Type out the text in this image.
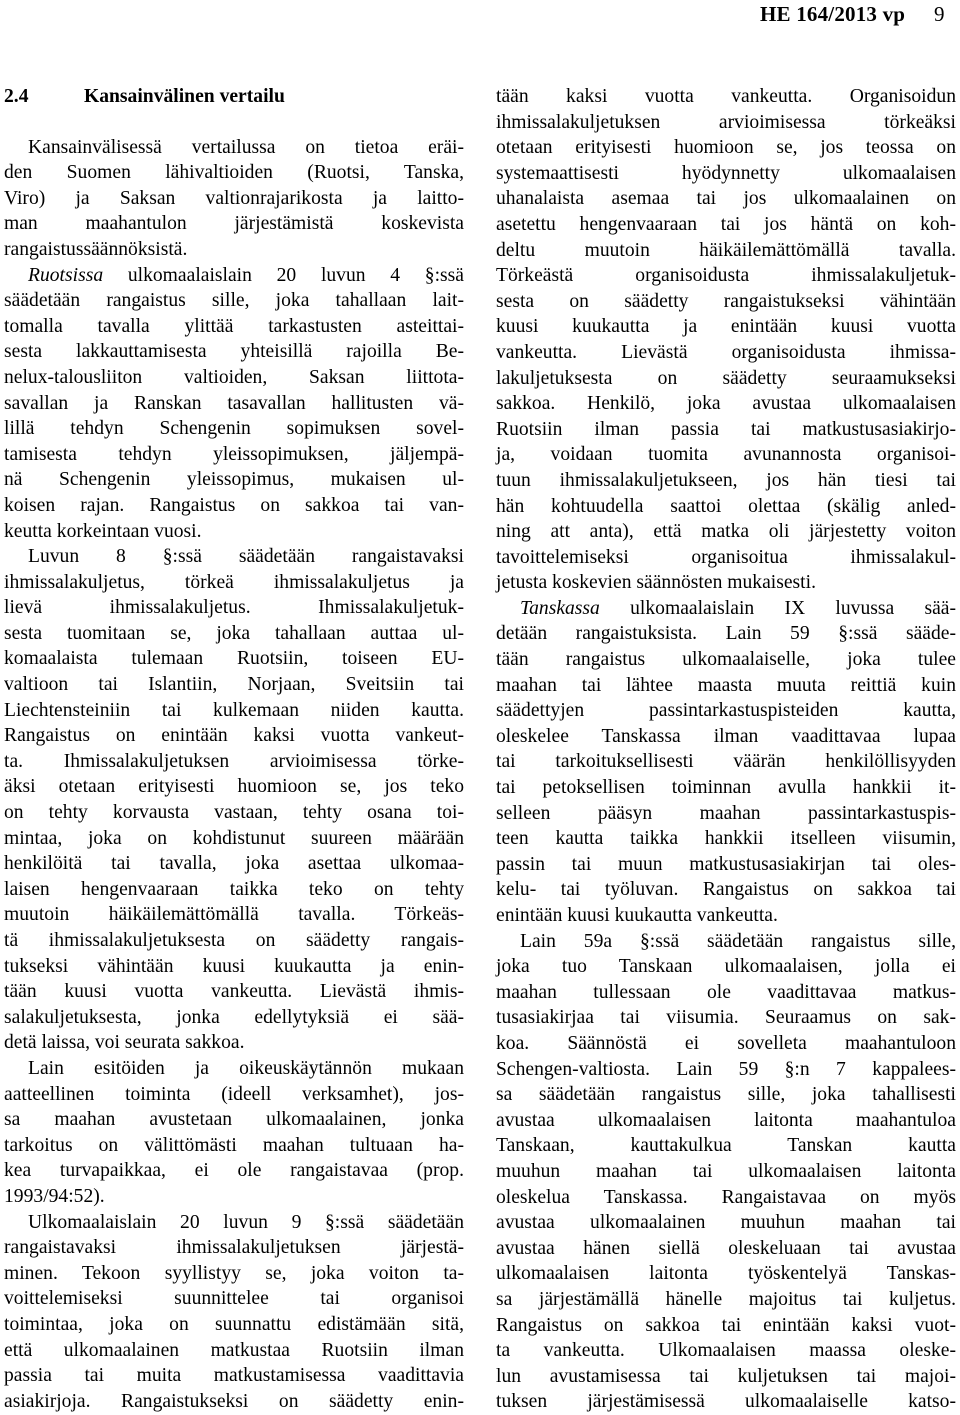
HE 164/2013 vp 9
2.4	Kansainvälinen vertailu
Kansainvälisessä vertailussa on tietoa eräi-
den Suomen lähivaltioiden (Ruotsi, Tanska,
Viro) ja Saksan valtionrajarikosta ja laitto-
man maahantulon järjestämistä koskevista
rangaistussäännöksistä.
Ruotsissa ulkomaalaislain 20 luvun 4 §:ssä
säädetään rangaistus sille, joka tahallaan lait-
tomalla tavalla ylittää tarkastusten asteittai-
sesta lakkauttamisesta yhteisillä rajoilla Be-
nelux-talousliiton valtioiden, Saksan liittota-
savallan ja Ranskan tasavallan hallitusten vä-
lillä tehdyn Schengenin sopimuksen sovel-
tamisesta tehdyn yleissopimuksen, jäljempä-
nä Schengenin yleissopimus, mukaisen ul-
koisen rajan. Rangaistus on sakkoa tai van-
keutta korkeintaan vuosi.
Luvun 8 §:ssä säädetään rangaistavaksi
ihmissalakuljetus, törkeä ihmissalakuljetus ja
lievä ihmissalakuljetus. Ihmissalakuljetuk-
sesta tuomitaan se, joka tahallaan auttaa ul-
komaalaista tulemaan Ruotsiin, toiseen EU-
valtioon tai Islantiin, Norjaan, Sveitsiin tai
Liechtensteiniin tai kulkemaan niiden kautta.
Rangaistus on enintään kaksi vuotta vankeut-
ta. Ihmissalakuljetuksen arvioimisessa törke-
äksi otetaan erityisesti huomioon se, jos teko
on tehty korvausta vastaan, tehty osana toi-
mintaa, joka on kohdistunut suureen määrään
henkilöitä tai tavalla, joka asettaa ulkomaa-
laisen hengenvaaraan taikka teko on tehty
muutoin häikäilemättömällä tavalla. Törkeäs-
tä ihmissalakuljetuksesta on säädetty rangais-
tukseksi vähintään kuusi kuukautta ja enin-
tään kuusi vuotta vankeutta. Lievästä ihmis-
salakuljetuksesta, jonka edellytyksiä ei sää-
detä laissa, voi seurata sakkoa.
Lain esitöiden ja oikeuskäytännön mukaan
aatteellinen toiminta (ideell verksamhet), jos-
sa maahan avustetaan ulkomaalainen, jonka
tarkoitus on välittömästi maahan tultuaan ha-
kea turvapaikkaa, ei ole rangaistavaa (prop.
1993/94:52).
Ulkomaalaislain 20 luvun 9 §:ssä säädetään
rangaistavaksi ihmissalakuljetuksen järjestä-
minen. Tekoon syyllistyy se, joka voiton ta-
voittelemiseksi suunnittelee tai organisoi
toimintaa, joka on suunnattu edistämään sitä,
että ulkomaalainen matkustaa Ruotsiin ilman
passia tai muita matkustamisessa vaadittavia
asiakirjoja. Rangaistukseksi on säädetty enin-
tään kaksi vuotta vankeutta. Organisoidun
ihmissalakuljetuksen arvioimisessa törkeäksi
otetaan erityisesti huomioon se, jos teossa on
systemaattisesti hyödynnetty ulkomaalaisen
uhanalaista asemaa tai jos ulkomaalainen on
asetettu hengenvaaraan tai jos häntä on koh-
deltu muutoin häikäilemättömällä tavalla.
Törkeästä organisoidusta ihmissalakuljetuk-
sesta on säädetty rangaistukseksi vähintään
kuusi kuukautta ja enintään kuusi vuotta
vankeutta. Lievästä organisoidusta ihmissa-
lakuljetuksesta on säädetty seuraamukseksi
sakkoa. Henkilö, joka avustaa ulkomaalaisen
Ruotsiin ilman passia tai matkustusasiakirjo-
ja, voidaan tuomita avunannosta organisoi-
tuun ihmissalakuljetukseen, jos hän tiesi tai
hän kohtuudella saattoi olettaa (skälig anled-
ning att anta), että matka oli järjestetty voiton
tavoittelemiseksi organisoitua ihmissalakul-
jetusta koskevien säännösten mukaisesti.
Tanskassa ulkomaalaislain IX luvussa sää-
detään rangaistuksista. Lain 59 §:ssä sääde-
tään rangaistus ulkomaalaiselle, joka tulee
maahan tai lähtee maasta muuta reittiä kuin
säädettyjen passintarkastuspisteiden kautta,
oleskelee Tanskassa ilman vaadittavaa lupaa
tai tarkoituksellisesti väärän henkilöllisyyden
tai petoksellisen toiminnan avulla hankkii it-
selleen pääsyn maahan passintarkastuspis-
teen kautta taikka hankkii itselleen viisumin,
passin tai muun matkustusasiakirjan tai oles-
kelu- tai työluvan. Rangaistus on sakkoa tai
enintään kuusi kuukautta vankeutta.
Lain 59a §:ssä säädetään rangaistus sille,
joka tuo Tanskaan ulkomaalaisen, jolla ei
maahan tullessaan ole vaadittavaa matkus-
tusasiakirjaa tai viisumia. Seuraamus on sak-
koa. Säännöstä ei sovelleta maahantuloon
Schengen-valtiosta. Lain 59 §:n 7 kappalees-
sa säädetään rangaistus sille, joka tahallisesti
avustaa ulkomaalaisen laitonta maahantuloa
Tanskaan, kauttakulkua Tanskan kautta
muuhun maahan tai ulkomaalaisen laitonta
oleskelua Tanskassa. Rangaistavaa on myös
avustaa ulkomaalainen muuhun maahan tai
avustaa hänen siellä oleskeluaan tai avustaa
ulkomaalaisen laitonta työskentelyä Tanskas-
sa järjestämällä hänelle majoitus tai kuljetus.
Rangaistus on sakkoa tai enintään kaksi vuot-
ta vankeutta. Ulkomaalaisen maassa oleske-
lun avustamisessa tai kuljetuksen tai majoi-
tuksen järjestämisessä ulkomaalaiselle katso-
